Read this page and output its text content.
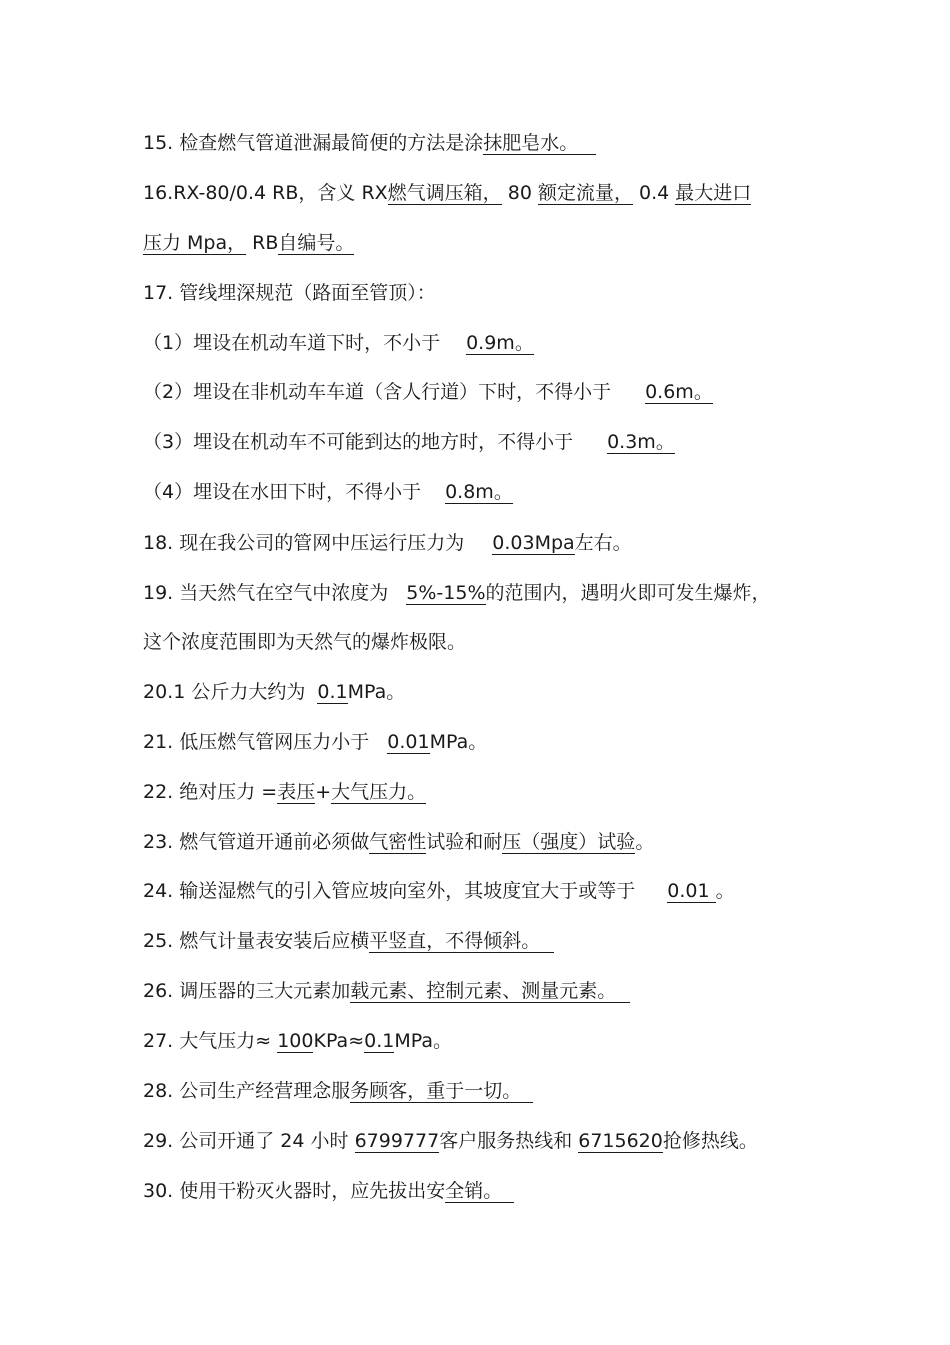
15. 检查燃气管道泄漏最简便的方法是涂抹肥皂水。
16.RX-80/0.4 RB，含义 RX燃气调压箱， 80 额定流量， 0.4 最大进口
压力 Mpa， RB自编号。
17. 管线埋深规范（路面至管顶）：
（1）埋设在机动车道下时，不小于 0.9m。
（2）埋设在非机动车车道（含人行道）下时，不得小于 0.6m。
（3）埋设在机动车不可能到达的地方时，不得小于 0.3m。
（4）埋设在水田下时，不得小于 0.8m。
18. 现在我公司的管网中压运行压力为 0.03Mpa左右。
19. 当天然气在空气中浓度为 5%-15%的范围内，遇明火即可发生爆炸，
这个浓度范围即为天然气的爆炸极限。
20.1 公斤力大约为 0.1MPa。
21. 低压燃气管网压力小于 0.01MPa。
22. 绝对压力 =表压+大气压力。
23. 燃气管道开通前必须做气密性试验和耐压（强度）试验。
24. 输送湿燃气的引入管应坡向室外，其坡度宜大于或等于 0.01 。
25. 燃气计量表安装后应横平竖直，不得倾斜。
26. 调压器的三大元素加载元素、控制元素、测量元素。
27. 大气压力≈ 100KPa≈0.1MPa。
28. 公司生产经营理念服务顾客，重于一切。
29. 公司开通了 24 小时 6799777客户服务热线和 6715620抢修热线。
30. 使用干粉灭火器时，应先拔出安全销。
